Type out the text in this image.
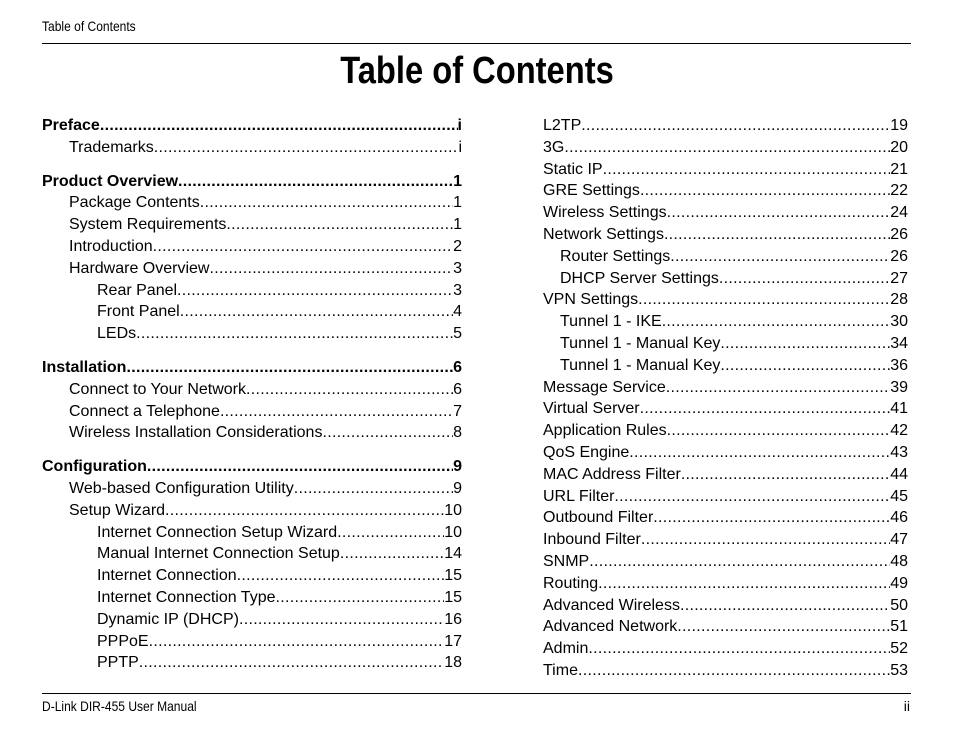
Table of Contents
Table of Contents
Preface .....	i
Trademarks .....	i
Product Overview .....	1
Package Contents .....	1
System Requirements .....	1
Introduction .....	2
Hardware Overview .....	3
Rear Panel .....	3
Front Panel .....	4
LEDs .....	5
Installation .....	6
Connect to Your Network .....	6
Connect a Telephone .....	7
Wireless Installation Considerations .....	8
Configuration .....	9
Web-based Configuration Utility .....	9
Setup Wizard .....	10
Internet Connection Setup Wizard .....	10
Manual Internet Connection Setup .....	14
Internet Connection .....	15
Internet Connection Type .....	15
Dynamic IP (DHCP) .....	16
PPPoE .....	17
PPTP .....	18
L2TP .....	19
3G .....	20
Static IP .....	21
GRE Settings .....	22
Wireless Settings .....	24
Network Settings .....	26
Router Settings .....	26
DHCP Server Settings .....	27
VPN Settings .....	28
Tunnel 1 - IKE .....	30
Tunnel 1 - Manual Key .....	34
Tunnel 1 - Manual Key .....	36
Message Service .....	39
Virtual Server .....	41
Application Rules .....	42
QoS Engine .....	43
MAC Address Filter .....	44
URL Filter .....	45
Outbound Filter .....	46
Inbound Filter .....	47
SNMP .....	48
Routing .....	49
Advanced Wireless .....	50
Advanced Network .....	51
Admin .....	52
Time .....	53
D-Link DIR-455 User Manual	ii
